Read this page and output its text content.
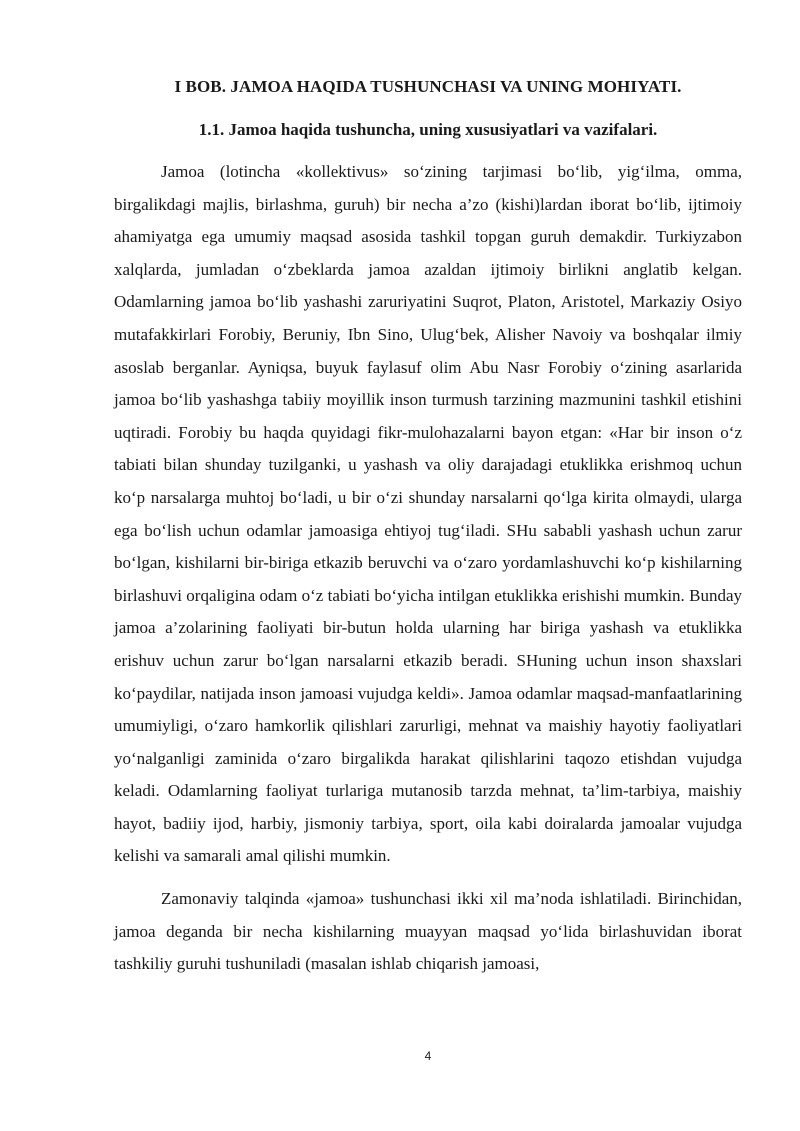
I BOB. JAMOA HAQIDA TUSHUNCHASI VA UNING MOHIYATI.
1.1. Jamoa haqida tushuncha, uning xususiyatlari va vazifalari.

Jamoa (lotincha «kollektivus» so‘zining tarjimasi bo‘lib, yig‘ilma, omma, birgalikdagi majlis, birlashma, guruh) bir necha a’zo (kishi)lardan iborat bo‘lib, ijtimoiy ahamiyatga ega umumiy maqsad asosida tashkil topgan guruh demakdir. Turkiyzabon xalqlarda, jumladan o‘zbeklarda jamoa azaldan ijtimoiy birlikni anglatib kelgan. Odamlarning jamoa bo‘lib yashashi zaruriyatini Suqrot, Platon, Aristotel, Markaziy Osiyo mutafakkirlari Forobiy, Beruniy, Ibn Sino, Ulug‘bek, Alisher Navoiy va boshqalar ilmiy asoslab berganlar. Ayniqsa, buyuk faylasuf olim Abu Nasr Forobiy o‘zining asarlarida jamoa bo‘lib yashashga tabiiy moyillik inson turmush tarzining mazmunini tashkil etishini uqtiradi. Forobiy bu haqda quyidagi fikr-mulohazalarni bayon etgan: «Har bir inson o‘z tabiati bilan shunday tuzilganki, u yashash va oliy darajadagi etuklikka erishmoq uchun ko‘p narsalarga muhtoj bo‘ladi, u bir o‘zi shunday narsalarni qo‘lga kirita olmaydi, ularga ega bo‘lish uchun odamlar jamoasiga ehtiyoj tug‘iladi. SHu sababli yashash uchun zarur bo‘lgan, kishilarni bir-biriga etkazib beruvchi va o‘zaro yordamlashuvchi ko‘p kishilarning birlashuvi orqaligina odam o‘z tabiati bo‘yicha intilgan etuklikka erishishi mumkin. Bunday jamoa a’zolarining faoliyati bir-butun holda ularning har biriga yashash va etuklikka erishuv uchun zarur bo‘lgan narsalarni etkazib beradi. SHuning uchun inson shaxslari ko‘paydilar, natijada inson jamoasi vujudga keldi». Jamoa odamlar maqsad-manfaatlarining umumiyligi, o‘zaro hamkorlik qilishlari zarurligi, mehnat va maishiy hayotiy faoliyatlari yo‘nalganligi zaminida o‘zaro birgalikda harakat qilishlarini taqozo etishdan vujudga keladi. Odamlarning faoliyat turlariga mutanosib tarzda mehnat, ta’lim-tarbiya, maishiy hayot, badiiy ijod, harbiy, jismoniy tarbiya, sport, oila kabi doiralarda jamoalar vujudga kelishi va samarali amal qilishi mumkin.

Zamonaviy talqinda «jamoa» tushunchasi ikki xil ma’noda ishlatiladi. Birinchidan, jamoa deganda bir necha kishilarning muayyan maqsad yo‘lida birlashuvidan iborat tashkiliy guruhi tushuniladi (masalan ishlab chiqarish jamoasi,

4
